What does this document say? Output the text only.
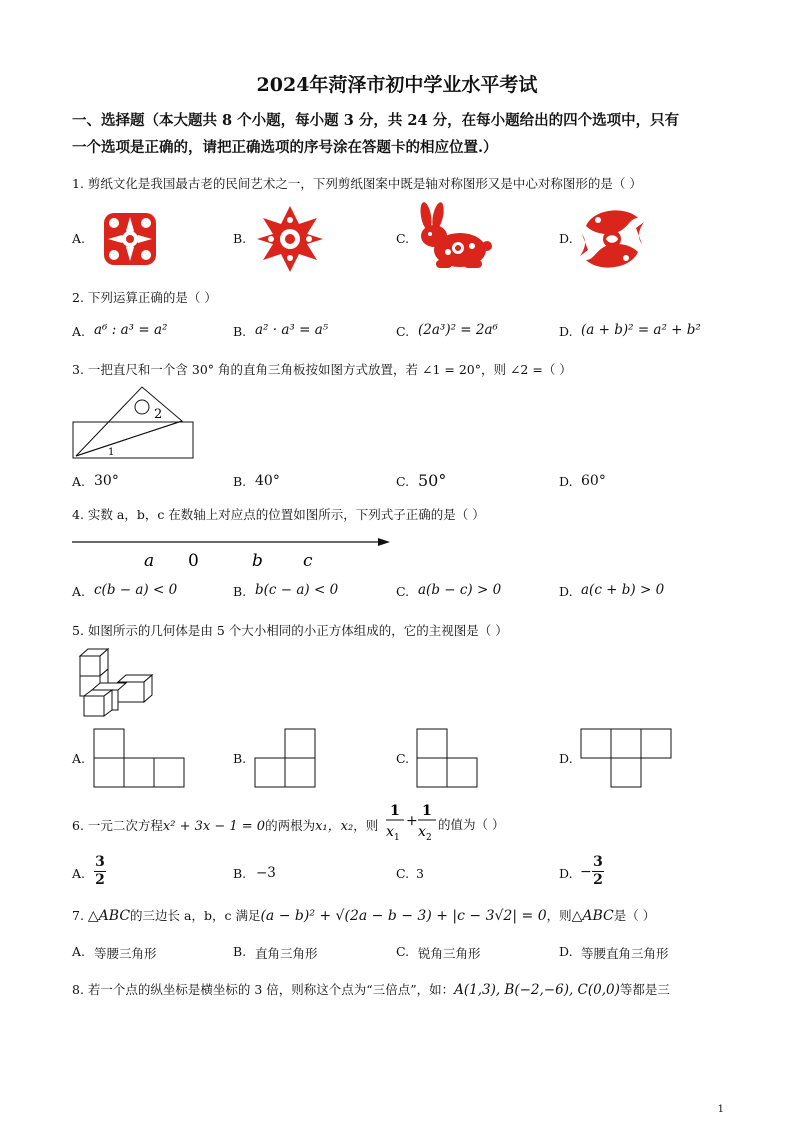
2024年菏泽市初中学业水平考试
一、选择题（本大题共 8 个小题，每小题 3 分，共 24 分，在每小题给出的四个选项中，只有
一个选项是正确的，请把正确选项的序号涂在答题卡的相应位置.）
1. 剪纸文化是我国最古老的民间艺术之一，下列剪纸图案中既是轴对称图形又是中心对称图形的是（ ）
A.	B.	C.	D.
2. 下列运算正确的是（ ）
A. a⁶ : a³ = a²	B. a² · a³ = a⁵	C. (2a³)² = 2a⁶	D. (a + b)² = a² + b²
3. 一把直尺和一个含 30° 角的直角三角板按如图方式放置，若 ∠1 = 20°，则 ∠2 =（ ）
2
1
A. 30°	B. 40°	C. 50°	D. 60°
4. 实数 a，b，c 在数轴上对应点的位置如图所示，下列式子正确的是（ ）
a 0	b c
A. c(b − a) < 0	B. b(c − a) < 0	C. a(b − c) > 0	D. a(c + b) > 0
5. 如图所示的几何体是由 5 个大小相同的小正方体组成的，它的主视图是（ ）
A.	B.	C.	D.
6. 一元二次方程x² + 3x − 1 = 0的两根为x₁，x₂，则
1
x 1
+
1
x 2
的值为（ ）
A. $\frac{3}{2}$	B. −3	C. 3	D. − $\frac{3}{2}$
7. △ABC的三边长 a，b，c 满足(a − b)² + √(2a − b − 3) + |c − 3√2| = 0，则△ABC是（ ）
A. 等腰三角形	B. 直角三角形	C. 锐角三角形	D. 等腰直角三角形
8. 若一个点的纵坐标是横坐标的 3 倍，则称这个点为“三倍点”，如：A(1,3), B(−2,−6), C(0,0)等都是三
1
